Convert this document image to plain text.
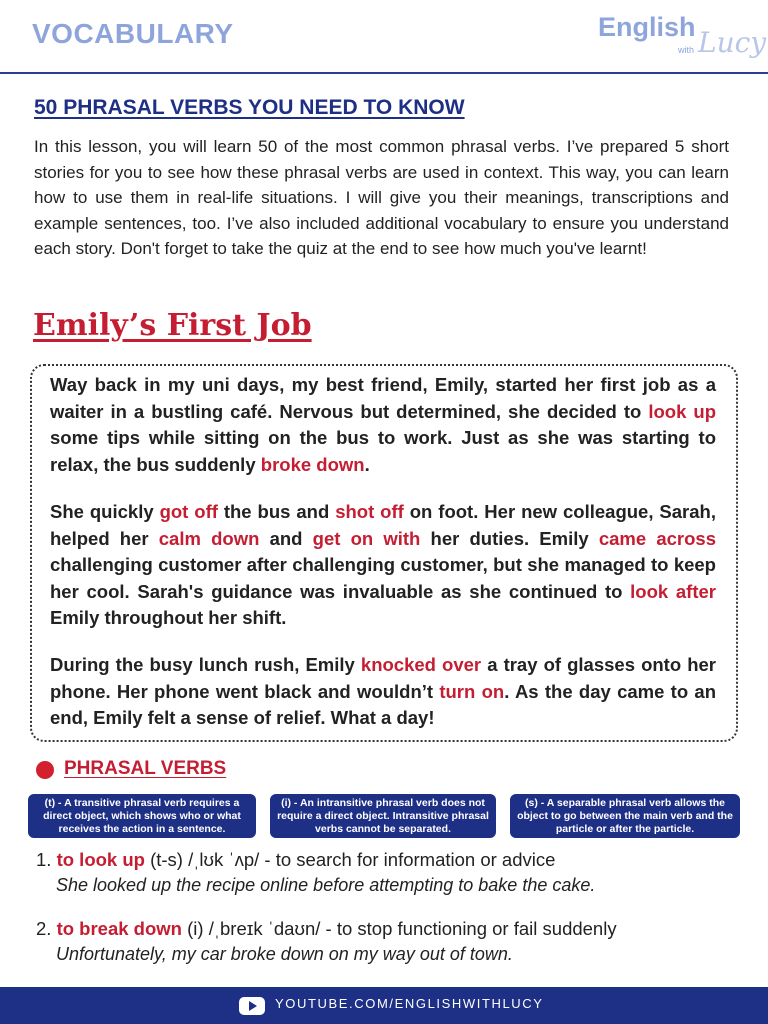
VOCABULARY	English
with Lucy
50 PHRASAL VERBS YOU NEED TO KNOW

In this lesson, you will learn 50 of the most common phrasal verbs. I’ve prepared 5 short stories for you to see how these phrasal verbs are used in context. This way, you can learn how to use them in real-life situations. I will give you their meanings, transcriptions and example sentences, too. I’ve also included additional vocabulary to ensure you understand each story. Don't forget to take the quiz at the end to see how much you've learnt!

Emily’s First Job

Way back in my uni days, my best friend, Emily, started her first job as a waiter in a bustling café. Nervous but determined, she decided to look up some tips while sitting on the bus to work. Just as she was starting to relax, the bus suddenly broke down.

She quickly got off the bus and shot off on foot. Her new colleague, Sarah, helped her calm down and get on with her duties. Emily came across challenging customer after challenging customer, but she managed to keep her cool. Sarah's guidance was invaluable as she continued to look after Emily throughout her shift.

During the busy lunch rush, Emily knocked over a tray of glasses onto her phone. Her phone went black and wouldn’t turn on. As the day came to an end, Emily felt a sense of relief. What a day!

PHRASAL VERBS
(t) - A transitive phrasal verb requires a direct object, which shows who or what receives the action in a sentence.
(i) - An intransitive phrasal verb does not require a direct object. Intransitive phrasal verbs cannot be separated.
(s) - A separable phrasal verb allows the object to go between the main verb and the particle or after the particle.
1. to look up (t-s) /ˌlʊk ˈʌp/ - to search for information or advice
She looked up the recipe online before attempting to bake the cake.
2. to break down (i) /ˌbreɪk ˈdaʊn/ - to stop functioning or fail suddenly
Unfortunately, my car broke down on my way out of town.
YOUTUBE.COM/ENGLISHWITHLUCY
